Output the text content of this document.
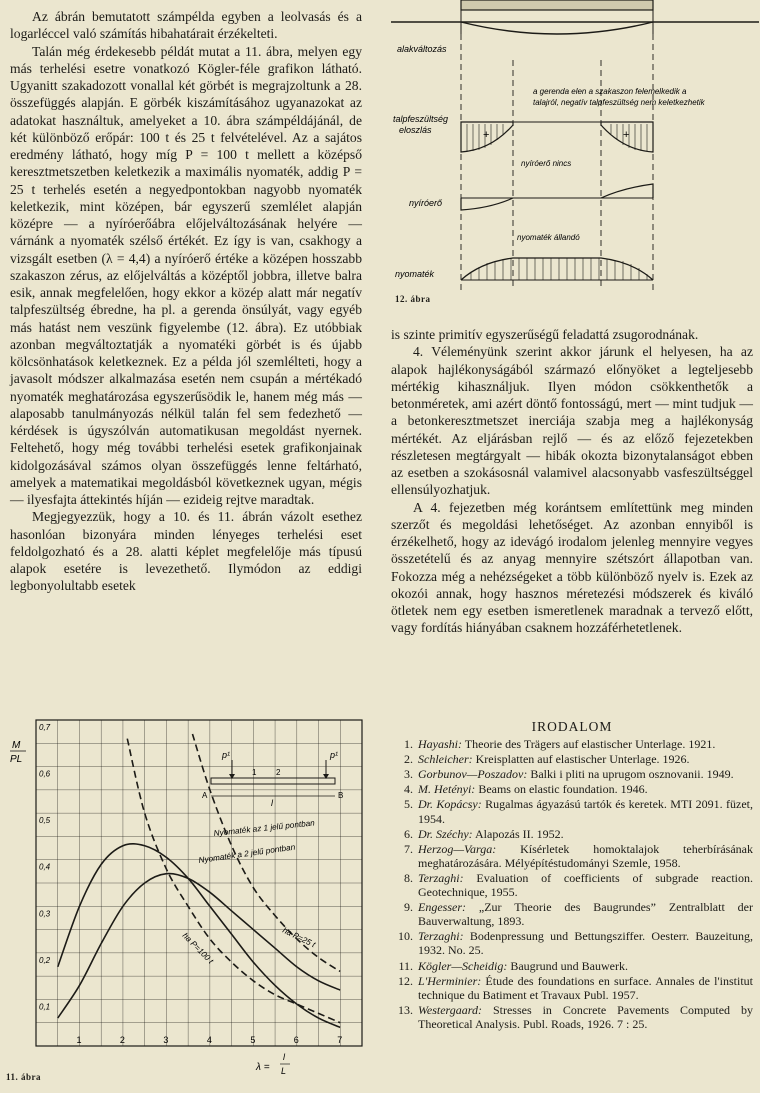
Az ábrán bemutatott számpélda egyben a leolvasás és a logarléccel való számítás hibahatárait érzékelteti.

Talán még érdekesebb példát mutat a 11. ábra, melyen egy más terhelési esetre vonatkozó Kögler-féle grafikon látható. Ugyanitt szakadozott vonallal két görbét is megrajzoltunk a 28. összefüggés alapján. E görbék kiszámításához ugyanazokat az adatokat használtuk, amelyeket a 10. ábra számpéldájánál, de két különböző erőpár: 100 t és 25 t felvételével. Az a sajátos eredmény látható, hogy míg P = 100 t mellett a középső keresztmetszetben keletkezik a maximális nyomaték, addig P = 25 t terhelés esetén a negyedpontokban nagyobb nyomaték keletkezik, mint középen, bár egyszerű szemlélet alapján középre — a nyíróerőábra előjelváltozásának helyére — várnánk a nyomaték szélső értékét. Ez így is van, csakhogy a vizsgált esetben (λ = 4,4) a nyíróerő értéke a középen hosszabb szakaszon zérus, az előjelváltás a középtől jobbra, illetve balra esik, annak megfelelően, hogy ekkor a közép alatt már negatív talpfeszültség ébredne, ha pl. a gerenda önsúlyát, vagy egyéb más hatást nem veszünk figyelembe (12. ábra). Ez utóbbiak azonban megváltoztatják a nyomatéki görbét is és újabb kölcsönhatások keletkeznek. Ez a példa jól szemlélteti, hogy a javasolt módszer alkalmazása esetén nem csupán a mértékadó nyomaték meghatározása egyszerűsödik le, hanem még más — alaposabb tanulmányozás nélkül talán fel sem fedezhető — kérdések is úgyszólván automatikusan megoldást nyernek. Feltehető, hogy még további terhelési esetek grafikonjainak kidolgozásával számos olyan összefüggés lenne feltárható, amelyek a matematikai megoldásból következnek ugyan, mégis — ilyesfajta áttekintés híján — ezideig rejtve maradtak.

Megjegyezzük, hogy a 10. és 11. ábrán vázolt esethez hasonlóan bizonyára minden lényeges terhelési eset feldolgozható és a 28. alatti képlet megfelelője más típusú alapok esetére is levezethető. Ilymódon az eddigi legbonyolultabb esetek

alakváltozás
a gerenda elen a szakaszon felemelkedik a
talajról, negatív talpfeszültség nem keletkezhetik
+	+
talpfeszültség
eloszlás
nyíróerő nincs
nyíróerő
nyomaték állandó
nyomaték
12. ábra

is szinte primitív egyszerűségű feladattá zsugorodnának.

4. Véleményünk szerint akkor járunk el helyesen, ha az alapok hajlékonyságából származó előnyöket a legteljesebb mértékig kihasználjuk. Ilyen módon csökkenthetők a betonméretek, ami azért döntő fontosságú, mert — mint tudjuk — a betonkeresztmetszet inerciája szabja meg a hajlékonyság mértékét. Az eljárásban rejlő — és az előző fejezetekben részletesen megtárgyalt — hibák okozta bizonytalanságot ebben az esetben a szokásosnál valamivel alacsonyabb vasfeszültséggel ellensúlyozhatjuk.

A 4. fejezetben még korántsem említettünk meg minden szerzőt és megoldási lehetőséget. Az azonban ennyiből is érzékelhető, hogy az idevágó irodalom jelenleg mennyire vegyes összetételű és az anyag mennyire szétszórt állapotban van. Fokozza még a nehézségeket a több különböző nyelv is. Ezek az okozói annak, hogy hasznos méretezési módszerek és kiváló ötletek nem egy esetben ismeretlenek maradnak a tervező előtt, vagy fordítás hiányában csaknem hozzáférhetetlenek.

0,7
0,6
0,5
0,4
0,3
0,2
0,1
1	2	3	4	5	6	7
M
PL	p¹	p¹
1 2
l
A	B
Nyomaték az 1 jelű pontban
Nyomaték a 2 jelű pontban
ha P=25 t
ha P=100 t
λ =
l
L
11. ábra
IRODALOM
1. Hayashi: Theorie des Trägers auf elastischer Unterlage. 1921.
2. Schleicher: Kreisplatten auf elastischer Unterlage. 1926.
3. Gorbunov—Poszadov: Balki i pliti na uprugom osznovanii. 1949.
4. M. Hetényi: Beams on elastic foundation. 1946.
5. Dr. Kopácsy: Rugalmas ágyazású tartók és keretek. MTI 2091. füzet, 1954.
6. Dr. Széchy: Alapozás II. 1952.
7. Herzog—Varga: Kísérletek homoktalajok teherbírásának meghatározására. Mélyépítéstudományi Szemle, 1958.
8. Terzaghi: Evaluation of coefficients of subgrade reaction. Geotechnique, 1955.
9. Engesser: „Zur Theorie des Baugrundes” Zentralblatt der Bauverwaltung, 1893.
10. Terzaghi: Bodenpressung und Bettungsziffer. Oesterr. Bauzeitung, 1932. No. 25.
11. Kögler—Scheidig: Baugrund und Bauwerk.
12. L'Herminier: Étude des foundations en surface. Annales de l'institut technique du Batiment et Travaux Publ. 1957.
13. Westergaard: Stresses in Concrete Pavements Computed by Theoretical Analysis. Publ. Roads, 1926. 7 : 25.
